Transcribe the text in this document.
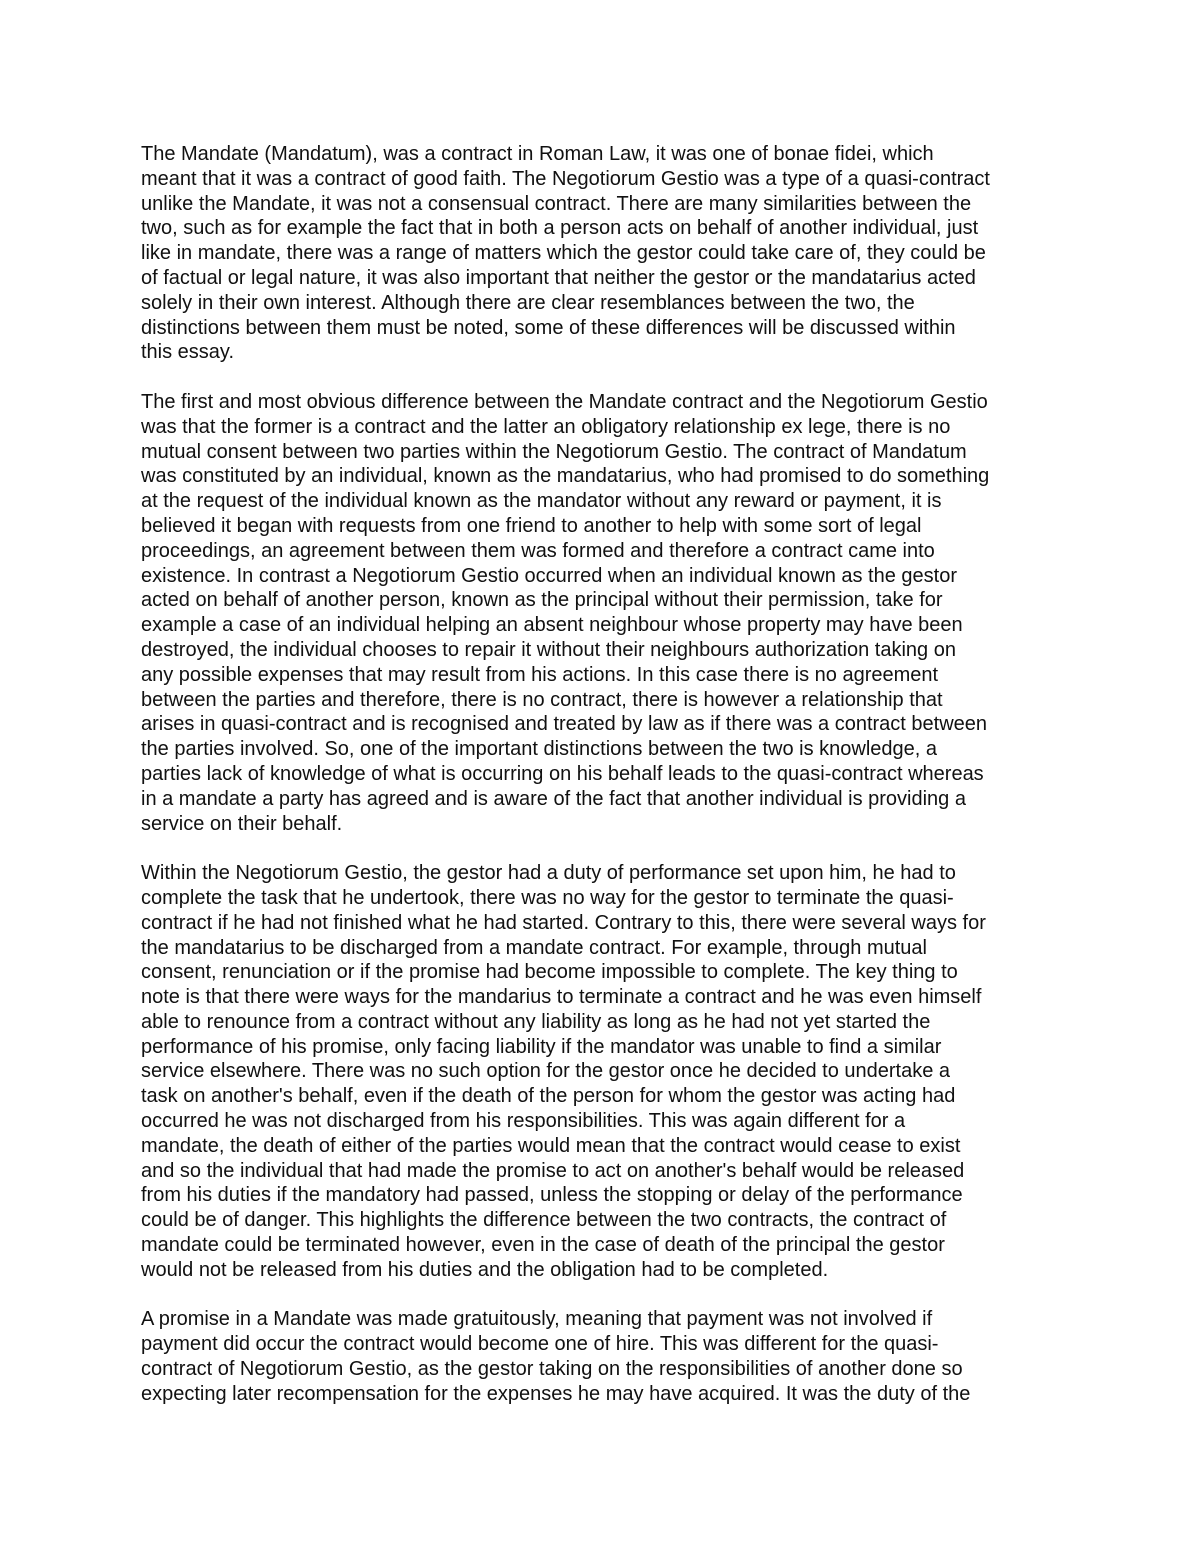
The Mandate (Mandatum), was a contract in Roman Law, it was one of bonae fidei, which
meant that it was a contract of good faith. The Negotiorum Gestio was a type of a quasi-contract
unlike the Mandate, it was not a consensual contract. There are many similarities between the
two, such as for example the fact that in both a person acts on behalf of another individual, just
like in mandate, there was a range of matters which the gestor could take care of, they could be
of factual or legal nature, it was also important that neither the gestor or the mandatarius acted
solely in their own interest. Although there are clear resemblances between the two, the
distinctions between them must be noted, some of these differences will be discussed within
this essay.
The first and most obvious difference between the Mandate contract and the Negotiorum Gestio
was that the former is a contract and the latter an obligatory relationship ex lege, there is no
mutual consent between two parties within the Negotiorum Gestio. The contract of Mandatum
was constituted by an individual, known as the mandatarius, who had promised to do something
at the request of the individual known as the mandator without any reward or payment, it is
believed it began with requests from one friend to another to help with some sort of legal
proceedings, an agreement between them was formed and therefore a contract came into
existence. In contrast a Negotiorum Gestio occurred when an individual known as the gestor
acted on behalf of another person, known as the principal without their permission, take for
example a case of an individual helping an absent neighbour whose property may have been
destroyed, the individual chooses to repair it without their neighbours authorization taking on
any possible expenses that may result from his actions. In this case there is no agreement
between the parties and therefore, there is no contract, there is however a relationship that
arises in quasi-contract and is recognised and treated by law as if there was a contract between
the parties involved. So, one of the important distinctions between the two is knowledge, a
parties lack of knowledge of what is occurring on his behalf leads to the quasi-contract whereas
in a mandate a party has agreed and is aware of the fact that another individual is providing a
service on their behalf.
Within the Negotiorum Gestio, the gestor had a duty of performance set upon him, he had to
complete the task that he undertook, there was no way for the gestor to terminate the quasi-
contract if he had not finished what he had started. Contrary to this, there were several ways for
the mandatarius to be discharged from a mandate contract. For example, through mutual
consent, renunciation or if the promise had become impossible to complete. The key thing to
note is that there were ways for the mandarius to terminate a contract and he was even himself
able to renounce from a contract without any liability as long as he had not yet started the
performance of his promise, only facing liability if the mandator was unable to find a similar
service elsewhere. There was no such option for the gestor once he decided to undertake a
task on another's behalf, even if the death of the person for whom the gestor was acting had
occurred he was not discharged from his responsibilities. This was again different for a
mandate, the death of either of the parties would mean that the contract would cease to exist
and so the individual that had made the promise to act on another's behalf would be released
from his duties if the mandatory had passed, unless the stopping or delay of the performance
could be of danger. This highlights the difference between the two contracts, the contract of
mandate could be terminated however, even in the case of death of the principal the gestor
would not be released from his duties and the obligation had to be completed.
A promise in a Mandate was made gratuitously, meaning that payment was not involved if
payment did occur the contract would become one of hire. This was different for the quasi-
contract of Negotiorum Gestio, as the gestor taking on the responsibilities of another done so
expecting later recompensation for the expenses he may have acquired. It was the duty of the
